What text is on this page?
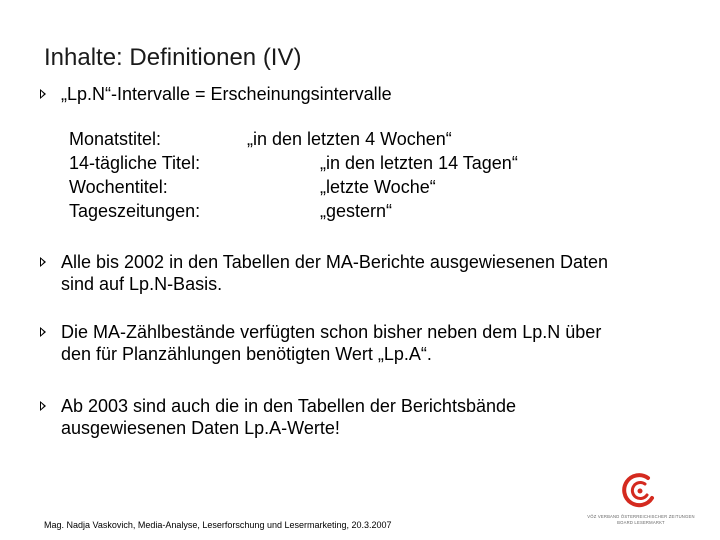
Inhalte: Definitionen (IV)
„Lp.N“-Intervalle = Erscheinungsintervalle
Monatstitel:	„in den letzten 4 Wochen“
14-tägliche Titel:	„in den letzten 14 Tagen“
Wochentitel:	„letzte Woche“
Tageszeitungen:	„gestern“
Alle bis 2002 in den Tabellen der MA-Berichte ausgewiesenen Daten
sind auf Lp.N-Basis.
Die MA-Zählbestände verfügten schon bisher neben dem Lp.N über
den für Planzählungen benötigten Wert „Lp.A“.
Ab 2003 sind auch die in den Tabellen der Berichtsbände
ausgewiesenen Daten Lp.A-Werte!
Mag. Nadja Vaskovich, Media-Analyse, Leserforschung und Lesermarketing, 20.3.2007
VÖZ VERBAND ÖSTERREICHISCHER ZEITUNGEN
BOARD LESERMARKT
